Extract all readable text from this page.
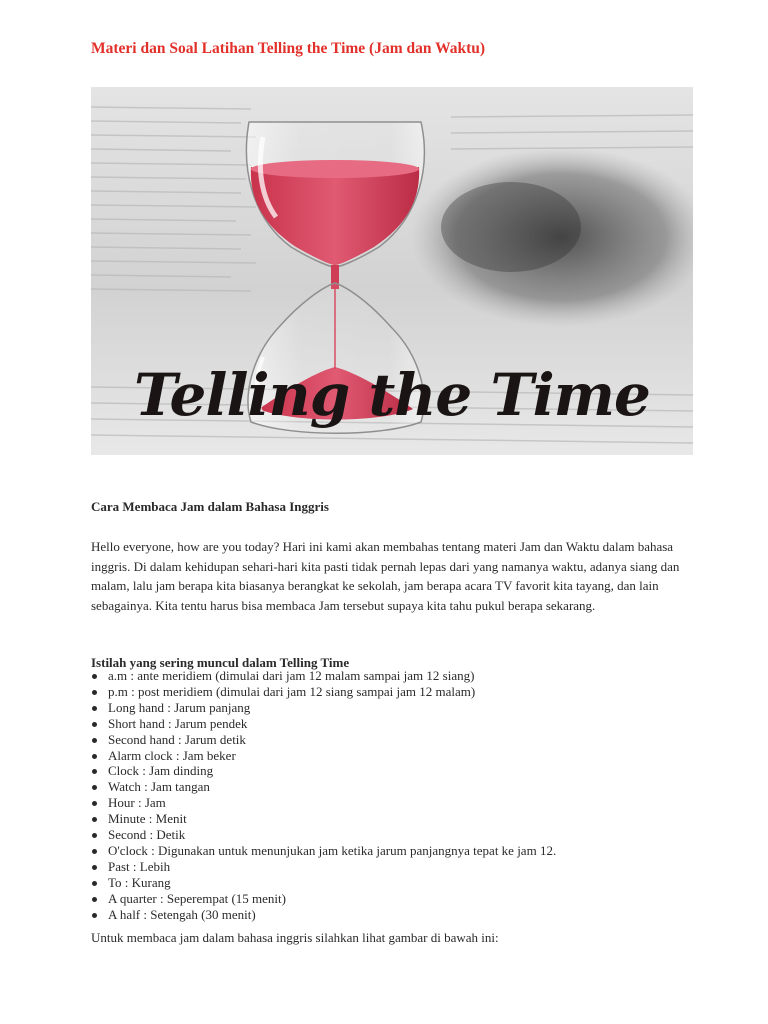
Materi dan Soal Latihan Telling the Time (Jam dan Waktu)
Telling the Time
Cara Membaca Jam dalam Bahasa Inggris
Hello everyone, how are you today? Hari ini kami akan membahas tentang materi Jam dan Waktu dalam bahasa inggris. Di dalam kehidupan sehari-hari kita pasti tidak pernah lepas dari yang namanya waktu, adanya siang dan malam, lalu jam berapa kita biasanya berangkat ke sekolah, jam berapa acara TV favorit kita tayang, dan lain sebagainya. Kita tentu harus bisa membaca Jam tersebut supaya kita tahu pukul berapa sekarang.
Istilah yang sering muncul dalam Telling Time
a.m : ante meridiem (dimulai dari jam 12 malam sampai jam 12 siang)
p.m : post meridiem (dimulai dari jam 12 siang sampai jam 12 malam)
Long hand : Jarum panjang
Short hand : Jarum pendek
Second hand : Jarum detik
Alarm clock : Jam beker
Clock : Jam dinding
Watch : Jam tangan
Hour : Jam
Minute : Menit
Second : Detik
O'clock : Digunakan untuk menunjukan jam ketika jarum panjangnya tepat ke jam 12.
Past : Lebih
To : Kurang
A quarter : Seperempat (15 menit)
A half : Setengah (30 menit)
Untuk membaca jam dalam bahasa inggris silahkan lihat gambar di bawah ini:
